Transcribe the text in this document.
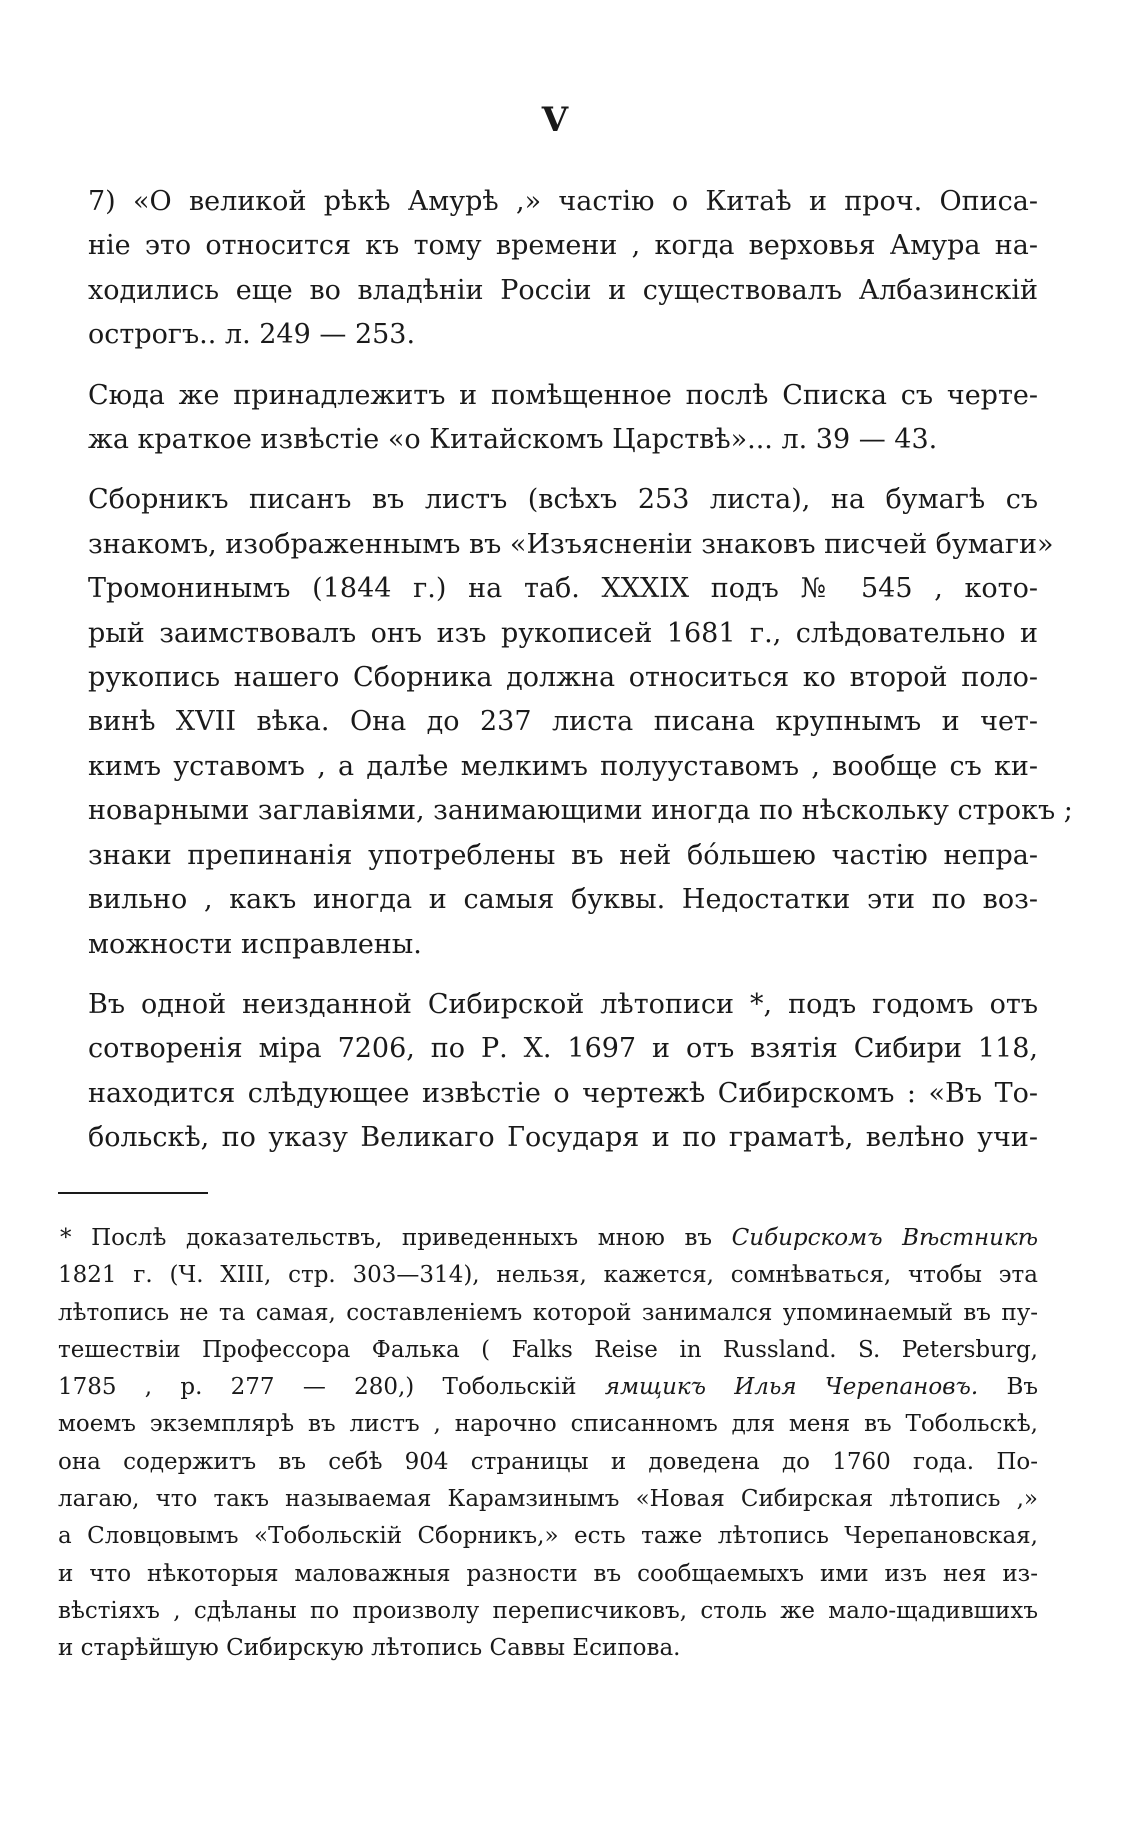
V

7) «О великой рѣкѣ Амурѣ ,» частію о Китаѣ и проч. Описа-
ніе это относится къ тому времени , когда верховья Амура на-
ходились еще во владѣніи Россіи и существовалъ Албазинскій
острогъ.. л. 249 — 253.

Сюда же принадлежитъ и помѣщенное послѣ Списка съ черте-
жа краткое извѣстіе «о Китайскомъ Царствѣ»... л. 39 — 43.

Сборникъ писанъ въ листъ (всѣхъ 253 листа), на бумагѣ съ
знакомъ, изображеннымъ въ «Изъясненіи знаковъ писчей бумаги»
Тромонинымъ (1844 г.) на таб. XXXIX подъ № 545 , кото-
рый заимствовалъ онъ изъ рукописей 1681 г., слѣдовательно и
рукопись нашего Сборника должна относиться ко второй поло-
винѣ XVII вѣка. Она до 237 листа писана крупнымъ и чет-
кимъ уставомъ , а далѣе мелкимъ полууставомъ , вообще съ ки-
новарными заглавіями, занимающими иногда по нѣскольку строкъ ;
знаки препинанія употреблены въ ней бóльшею частію непра-
вильно , какъ иногда и самыя буквы. Недостатки эти по воз-
можности исправлены.

Въ одной неизданной Сибирской лѣтописи *, подъ годомъ отъ
сотворенія міра 7206, по Р. Х. 1697 и отъ взятія Сибири 118,
находится слѣдующее извѣстіе о чертежѣ Сибирскомъ : «Въ То-
больскѣ, по указу Великаго Государя и по граматѣ, велѣно учи-

* Послѣ доказательствъ, приведенныхъ мною въ Сибирскомъ Вѣстникѣ
1821 г. (Ч. XIII, стр. 303—314), нельзя, кажется, сомнѣваться, чтобы эта
лѣтопись не та самая, составленіемъ которой занимался упоминаемый въ пу-
тешествіи Профессора Фалька ( Falks Reise in Russland. S. Petersburg,
1785 , p. 277 — 280,) Тобольскій ямщикъ Илья Черепановъ. Въ
моемъ экземплярѣ въ листъ , нарочно списанномъ для меня въ Тобольскѣ,
она содержитъ въ себѣ 904 страницы и доведена до 1760 года. По-
лагаю, что такъ называемая Карамзинымъ «Новая Сибирская лѣтопись ,»
а Словцовымъ «Тобольскій Сборникъ,» есть таже лѣтопись Черепановская,
и что нѣкоторыя маловажныя разности въ сообщаемыхъ ими изъ нея из-
вѣстіяхъ , сдѣланы по произволу переписчиковъ, столь же мало-щадившихъ
и старѣйшую Сибирскую лѣтопись Саввы Есипова.
